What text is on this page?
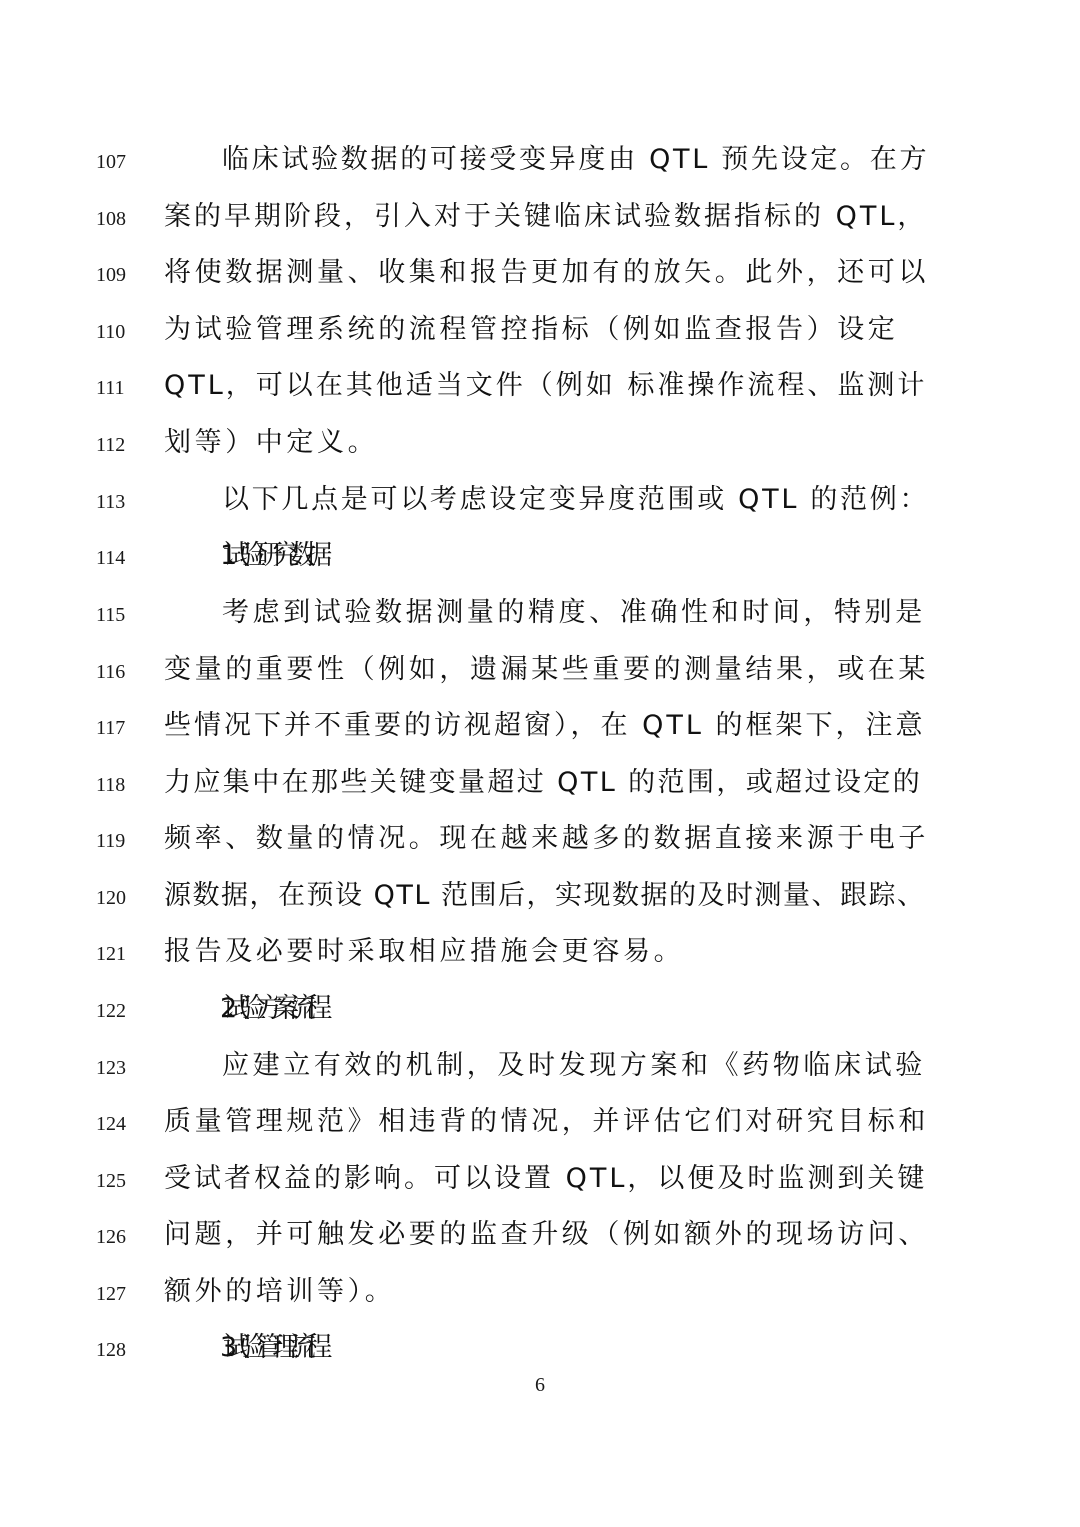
107	临床试验数据的可接受变异度由 QTL 预先设定。在方
108	案的早期阶段，引入对于关键临床试验数据指标的 QTL，
109	将使数据测量、收集和报告更加有的放矢。此外，还可以
110	为试验管理系统的流程管控指标（例如监查报告）设定
111	QTL，可以在其他适当文件（例如 标准操作流程、监测计
112	划等）中定义。
113	以下几点是可以考虑设定变异度范围或 QTL 的范例：
114	1. 试验研究数据
115	考虑到试验数据测量的精度、准确性和时间，特别是
116	变量的重要性（例如，遗漏某些重要的测量结果，或在某
117	些情况下并不重要的访视超窗），在 QTL 的框架下，注意
118	力应集中在那些关键变量超过 QTL 的范围，或超过设定的
119	频率、数量的情况。现在越来越多的数据直接来源于电子
120	源数据，在预设 QTL 范围后，实现数据的及时测量、跟踪、
121	报告及必要时采取相应措施会更容易。
122	2. 试验方案流程
123	应建立有效的机制，及时发现方案和《药物临床试验
124	质量管理规范》相违背的情况，并评估它们对研究目标和
125	受试者权益的影响。可以设置 QTL，以便及时监测到关键
126	问题，并可触发必要的监查升级（例如额外的现场访问、
127	额外的培训等）。
128	3. 试验管理流程
6
